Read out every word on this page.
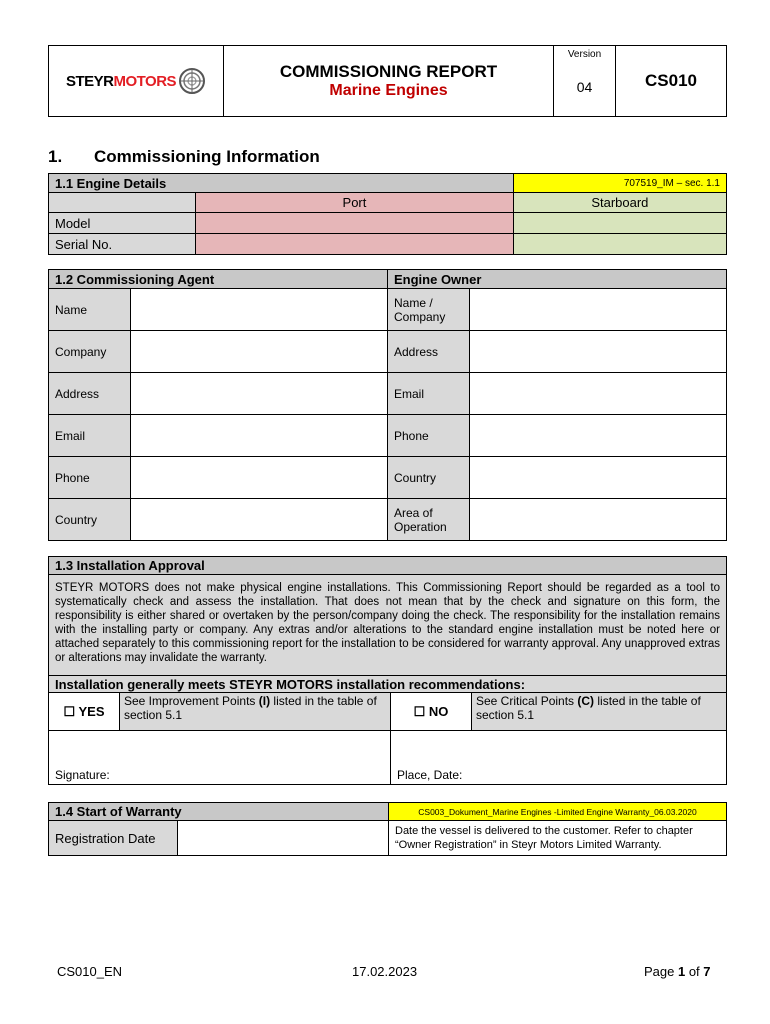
STEYRMOTORS	COMMISSIONING REPORT
Marine Engines

Version
04	CS010
1. Commissioning Information
1.1 Engine Details		707519_IM – sec. 1.1
	Port	Starboard
Model		
Serial No.		
1.2 Commissioning Agent		Engine Owner	
Name		Name /
Company	
Company		Address	
Address		Email	
Email		Phone	
Phone		Country	
Country		Area of
Operation	
1.3 Installation Approval			
STEYR MOTORS does not make physical engine installations. This Commissioning Report should be regarded as a tool to systematically check and assess the installation. That does not mean that by the check and signature on this form, the responsibility is either shared or overtaken by the person/company doing the check. The responsibility for the installation remains with the installing party or company. Any extras and/or alterations to the standard engine installation must be noted here or attached separately to this commissioning report for the installation to be considered for warranty approval. Any unapproved extras or alterations may invalidate the warranty.			
Installation generally meets STEYR MOTORS installation recommendations:			
☐ YES	See Improvement Points (I) listed in the table of section 5.1	☐ NO	See Critical Points (C) listed in the table of section 5.1
Signature:		Place, Date:	
1.4 Start of Warranty		CS003_Dokument_Marine Engines -Limited Engine Warranty_06.03.2020
Registration Date		Date the vessel is delivered to the customer. Refer to chapter “Owner Registration” in Steyr Motors Limited Warranty.
CS010_EN	17.02.2023	Page 1 of 7
